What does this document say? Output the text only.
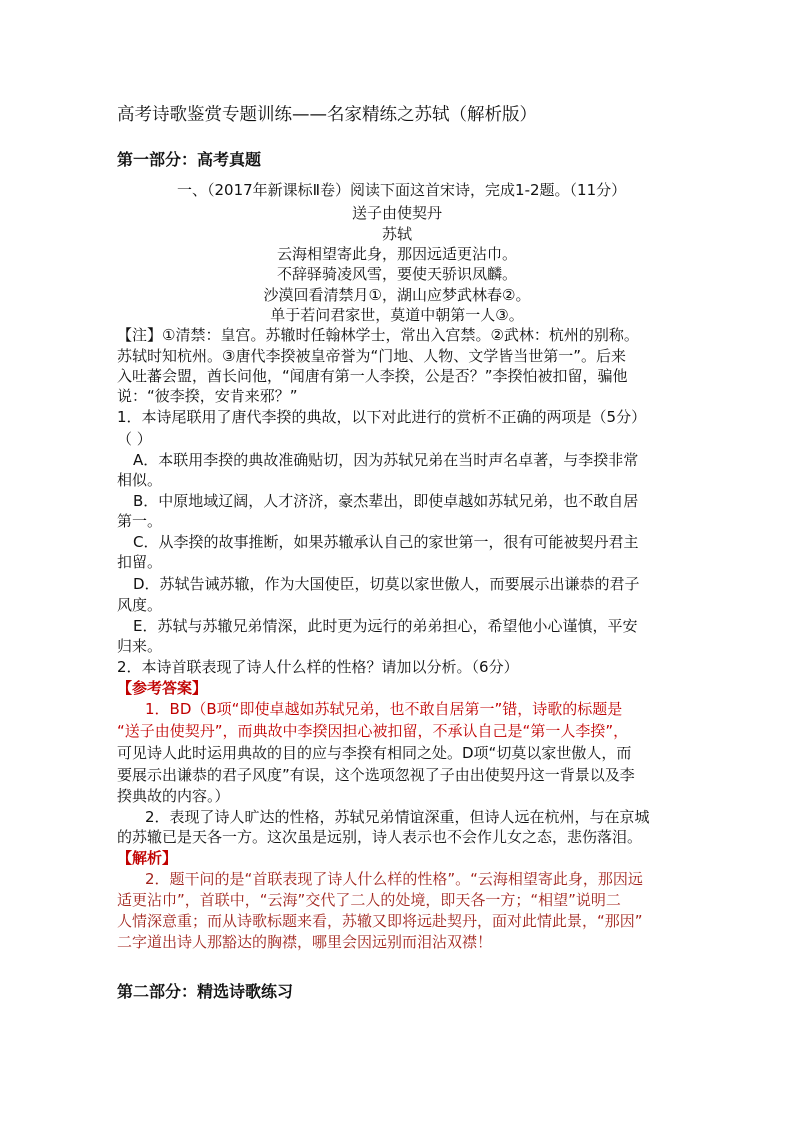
高考诗歌鉴赏专题训练——名家精练之苏轼（解析版）
第一部分：高考真题
一、（2017年新课标Ⅱ卷）阅读下面这首宋诗，完成1-2题。（11分）
送子由使契丹
苏轼
云海相望寄此身，那因远适更沾巾。
不辞驿骑凌风雪，要使天骄识凤麟。
沙漠回看清禁月①，湖山应梦武林春②。
单于若问君家世，莫道中朝第一人③。
【注】①清禁：皇宫。苏辙时任翰林学士，常出入宫禁。②武林：杭州的别称。
苏轼时知杭州。③唐代李揆被皇帝誉为“门地、人物、文学皆当世第一”。后来
入吐蕃会盟，酋长问他，“闻唐有第一人李揆，公是否？”李揆怕被扣留，骗他
说：“彼李揆，安肯来邪？”
1．本诗尾联用了唐代李揆的典故，以下对此进行的赏析不正确的两项是（5分）
（ ）
A．本联用李揆的典故准确贴切，因为苏轼兄弟在当时声名卓著，与李揆非常
相似。
B．中原地域辽阔，人才济济，豪杰辈出，即使卓越如苏轼兄弟，也不敢自居
第一。
C．从李揆的故事推断，如果苏辙承认自己的家世第一，很有可能被契丹君主
扣留。
D．苏轼告诫苏辙，作为大国使臣，切莫以家世傲人，而要展示出谦恭的君子
风度。
E．苏轼与苏辙兄弟情深，此时更为远行的弟弟担心，希望他小心谨慎，平安
归来。
2．本诗首联表现了诗人什么样的性格？请加以分析。（6分）
【参考答案】
1．BD（B项“即使卓越如苏轼兄弟，也不敢自居第一”错，诗歌的标题是
“送子由使契丹”，而典故中李揆因担心被扣留，不承认自己是“第一人李揆”，
可见诗人此时运用典故的目的应与李揆有相同之处。D项“切莫以家世傲人，而
要展示出谦恭的君子风度”有误，这个选项忽视了子由出使契丹这一背景以及李
揆典故的内容。）
2．表现了诗人旷达的性格，苏轼兄弟情谊深重，但诗人远在杭州，与在京城
的苏辙已是天各一方。这次虽是远别，诗人表示也不会作儿女之态，悲伤落泪。
【解析】
2．题干问的是“首联表现了诗人什么样的性格”。“云海相望寄此身，那因远
适更沾巾”，首联中，“云海”交代了二人的处境，即天各一方；“相望”说明二
人情深意重；而从诗歌标题来看，苏辙又即将远赴契丹，面对此情此景，“那因”
二字道出诗人那豁达的胸襟，哪里会因远别而泪沾双襟！
第二部分：精选诗歌练习
